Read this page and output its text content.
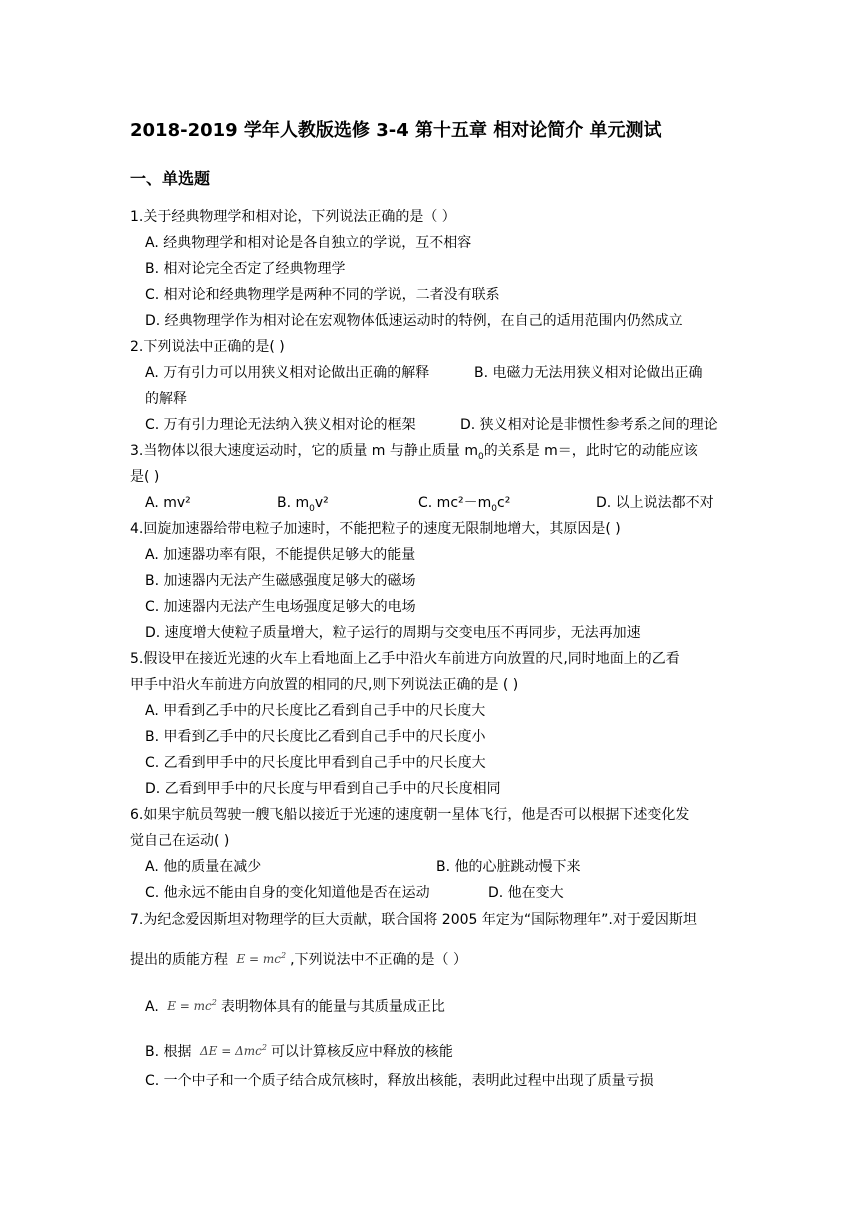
2018-2019 学年人教版选修 3-4 第十五章 相对论简介 单元测试
一、单选题
1.关于经典物理学和相对论，下列说法正确的是（ ）
A. 经典物理学和相对论是各自独立的学说，互不相容
B. 相对论完全否定了经典物理学
C. 相对论和经典物理学是两种不同的学说，二者没有联系
D. 经典物理学作为相对论在宏观物体低速运动时的特例，在自己的适用范围内仍然成立
2.下列说法中正确的是( )
A. 万有引力可以用狭义相对论做出正确的解释	B. 电磁力无法用狭义相对论做出正确
的解释
C. 万有引力理论无法纳入狭义相对论的框架	D. 狭义相对论是非惯性参考系之间的理论
3.当物体以很大速度运动时，它的质量 m 与静止质量 $m_0$的关系是 m＝，此时它的动能应该
是( )
A. mv²	B. $m_0v^2$	C. $mc^2-m_0c^2$	D. 以上说法都不对
4.回旋加速器给带电粒子加速时，不能把粒子的速度无限制地增大，其原因是( )
A. 加速器功率有限，不能提供足够大的能量
B. 加速器内无法产生磁感强度足够大的磁场
C. 加速器内无法产生电场强度足够大的电场
D. 速度增大使粒子质量增大，粒子运行的周期与交变电压不再同步，无法再加速
5.假设甲在接近光速的火车上看地面上乙手中沿火车前进方向放置的尺,同时地面上的乙看
甲手中沿火车前进方向放置的相同的尺,则下列说法正确的是 ( )
A. 甲看到乙手中的尺长度比乙看到自己手中的尺长度大
B. 甲看到乙手中的尺长度比乙看到自己手中的尺长度小
C. 乙看到甲手中的尺长度比甲看到自己手中的尺长度大
D. 乙看到甲手中的尺长度与甲看到自己手中的尺长度相同
6.如果宇航员驾驶一艘飞船以接近于光速的速度朝一星体飞行，他是否可以根据下述变化发
觉自己在运动( )
A. 他的质量在减少	B. 他的心脏跳动慢下来
C. 他永远不能由自身的变化知道他是否在运动	D. 他在变大
7.为纪念爱因斯坦对物理学的巨大贡献，联合国将 2005 年定为“国际物理年”.对于爱因斯坦
提出的质能方程 $E = mc^2$ ,下列说法中不正确的是（ ）
A. $E = mc^2$ 表明物体具有的能量与其质量成正比
B. 根据 ΔE = Δmc$^2$ 可以计算核反应中释放的核能
C. 一个中子和一个质子结合成氘核时，释放出核能，表明此过程中出现了质量亏损
